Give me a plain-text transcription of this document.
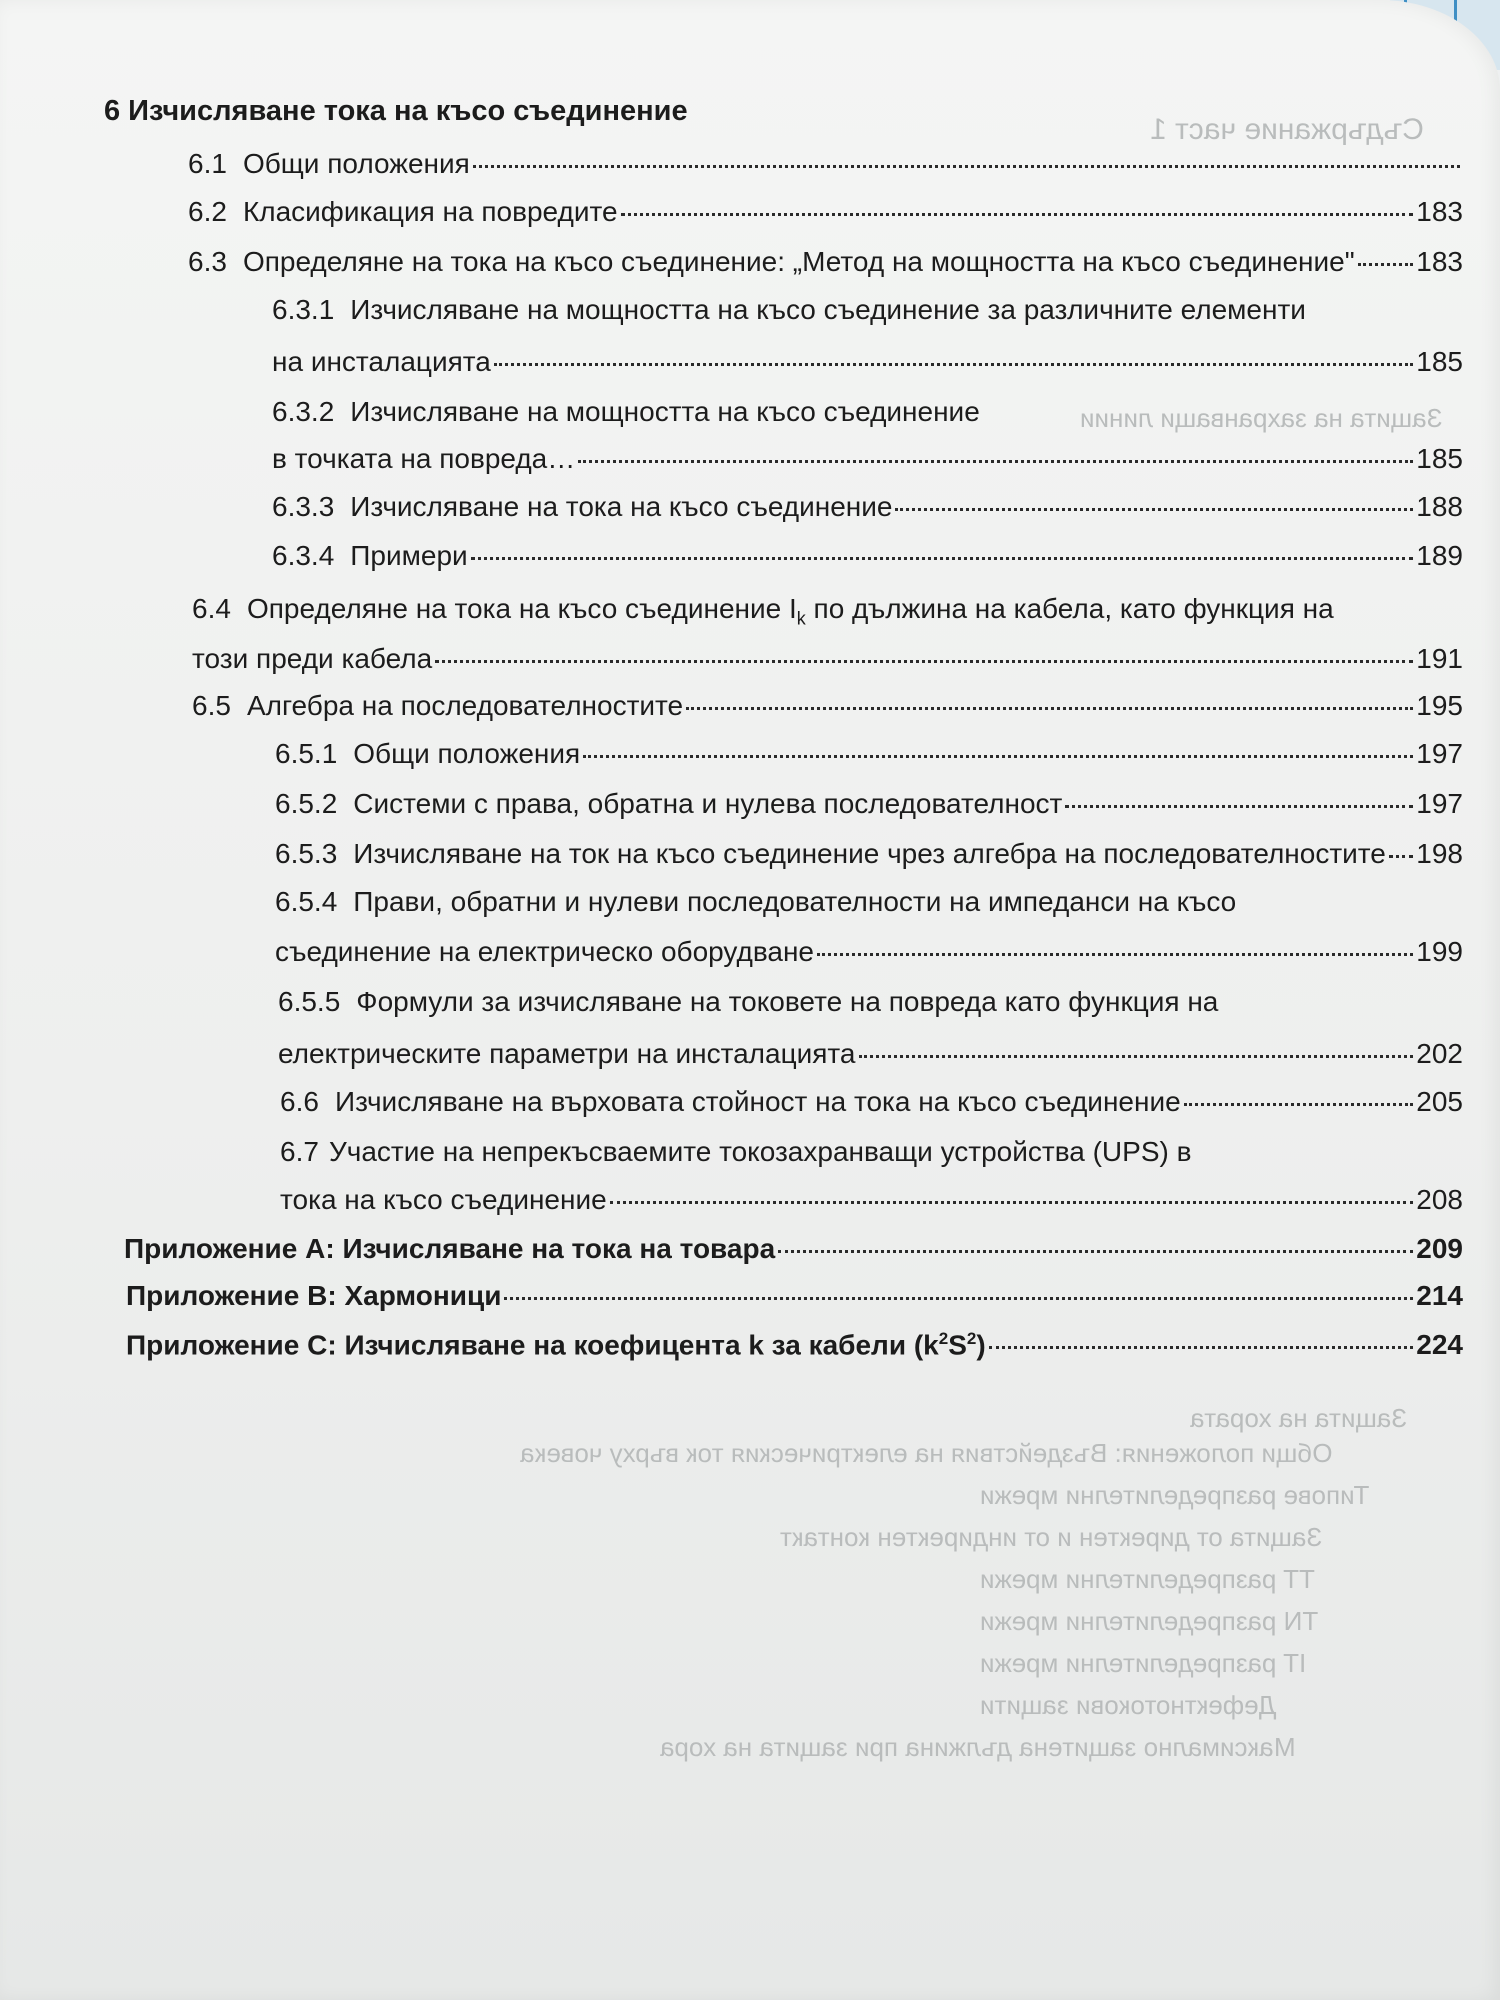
Съдържание част 1
Защита на захранващи линии
Защита на хората
Общи положения: Въздействия на електрическия ток върху човека
Типове разпределителни мрежи
Защита от директен и от индиректен контакт
TT разпределителни мрежи
TN разпределителни мрежи
IT разпределителни мрежи
Дефектнотокови защити
Максимално защитена дължина при защита на хора
6 Изчисляване тока на късо съединение
6.1 Общи положения
6.2 Класификация на повредите	183
6.3 Определяне на тока на късо съединение: „Метод на мощността на късо съединение" 183
6.3.1 Изчисляване на мощността на късо съединение за различните елементи
на инсталацията	185
6.3.2 Изчисляване на мощността на късо съединение
в точката на повреда…	185
6.3.3 Изчисляване на тока на късо съединение	188
6.3.4 Примери	189
6.4 Определяне на тока на късо съединение $I_k$ по дължина на кабела, като функция на
този преди кабела	191
6.5 Алгебра на последователностите	195
6.5.1 Общи положения	197
6.5.2 Системи с права, обратна и нулева последователност	197
6.5.3 Изчисляване на ток на късо съединение чрез алгебра на последователностите 198
6.5.4 Прави, обратни и нулеви последователности на импеданси на късо
съединение на електрическо оборудване	199
6.5.5 Формули за изчисляване на токовете на повреда като функция на
електрическите параметри на инсталацията	202
6.6 Изчисляване на върховата стойност на тока на късо съединение	205
6.7 Участие на непрекъсваемите токозахранващи устройства (UPS) в
тока на късо съединение	208
Приложение А: Изчисляване на тока на товара	209
Приложение В: Хармоници	214
Приложение С: Изчисляване на коефицента k за кабели $(k^2S^2)$	224
